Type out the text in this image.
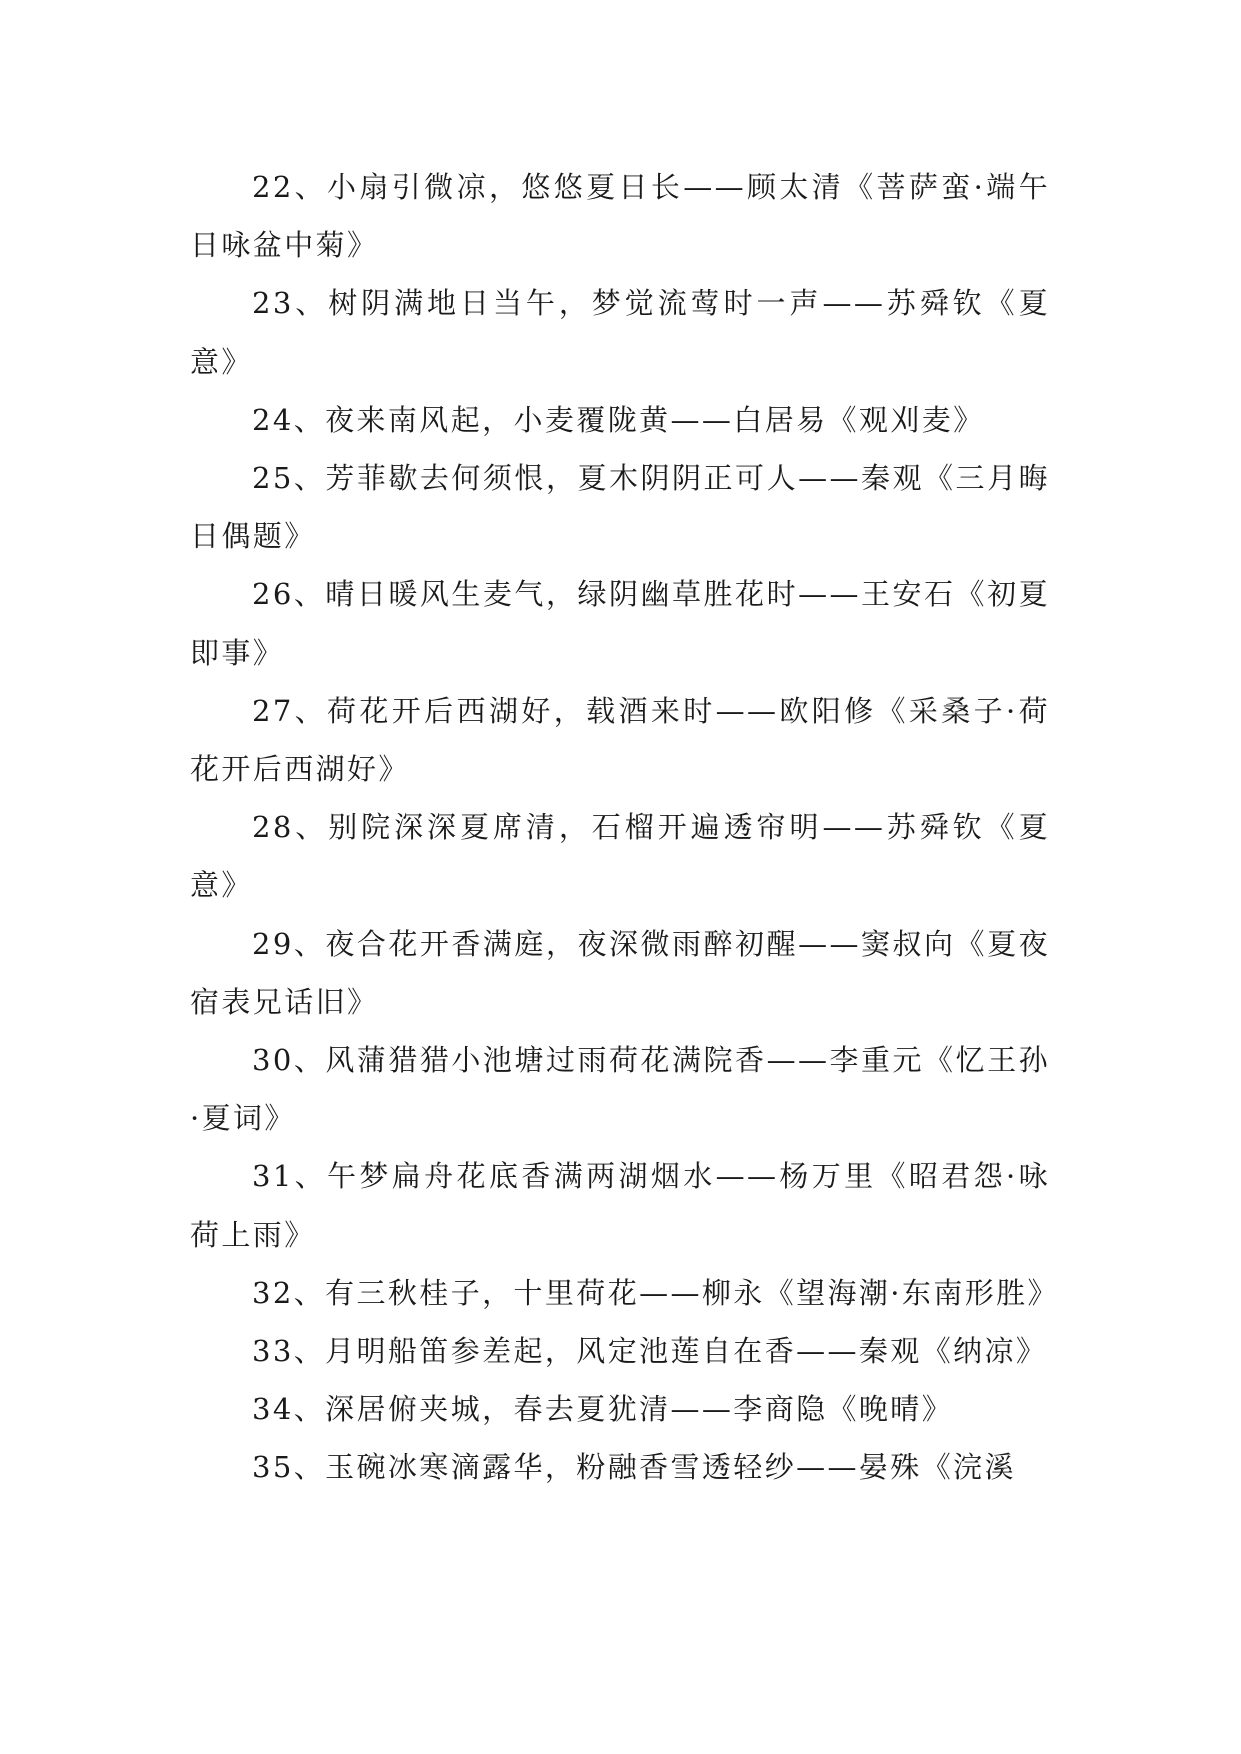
22、小扇引微凉，悠悠夏日长——顾太清《菩萨蛮·端午日咏盆中菊》

23、树阴满地日当午，梦觉流莺时一声——苏舜钦《夏意》

24、夜来南风起，小麦覆陇黄——白居易《观刈麦》

25、芳菲歇去何须恨，夏木阴阴正可人——秦观《三月晦日偶题》

26、晴日暖风生麦气，绿阴幽草胜花时——王安石《初夏即事》

27、荷花开后西湖好，载酒来时——欧阳修《采桑子·荷花开后西湖好》

28、别院深深夏席清，石榴开遍透帘明——苏舜钦《夏意》

29、夜合花开香满庭，夜深微雨醉初醒——窦叔向《夏夜宿表兄话旧》

30、风蒲猎猎小池塘过雨荷花满院香——李重元《忆王孙·夏词》

31、午梦扁舟花底香满两湖烟水——杨万里《昭君怨·咏荷上雨》

32、有三秋桂子，十里荷花——柳永《望海潮·东南形胜》

33、月明船笛参差起，风定池莲自在香——秦观《纳凉》

34、深居俯夹城，春去夏犹清——李商隐《晚晴》

35、玉碗冰寒滴露华，粉融香雪透轻纱——晏殊《浣溪
